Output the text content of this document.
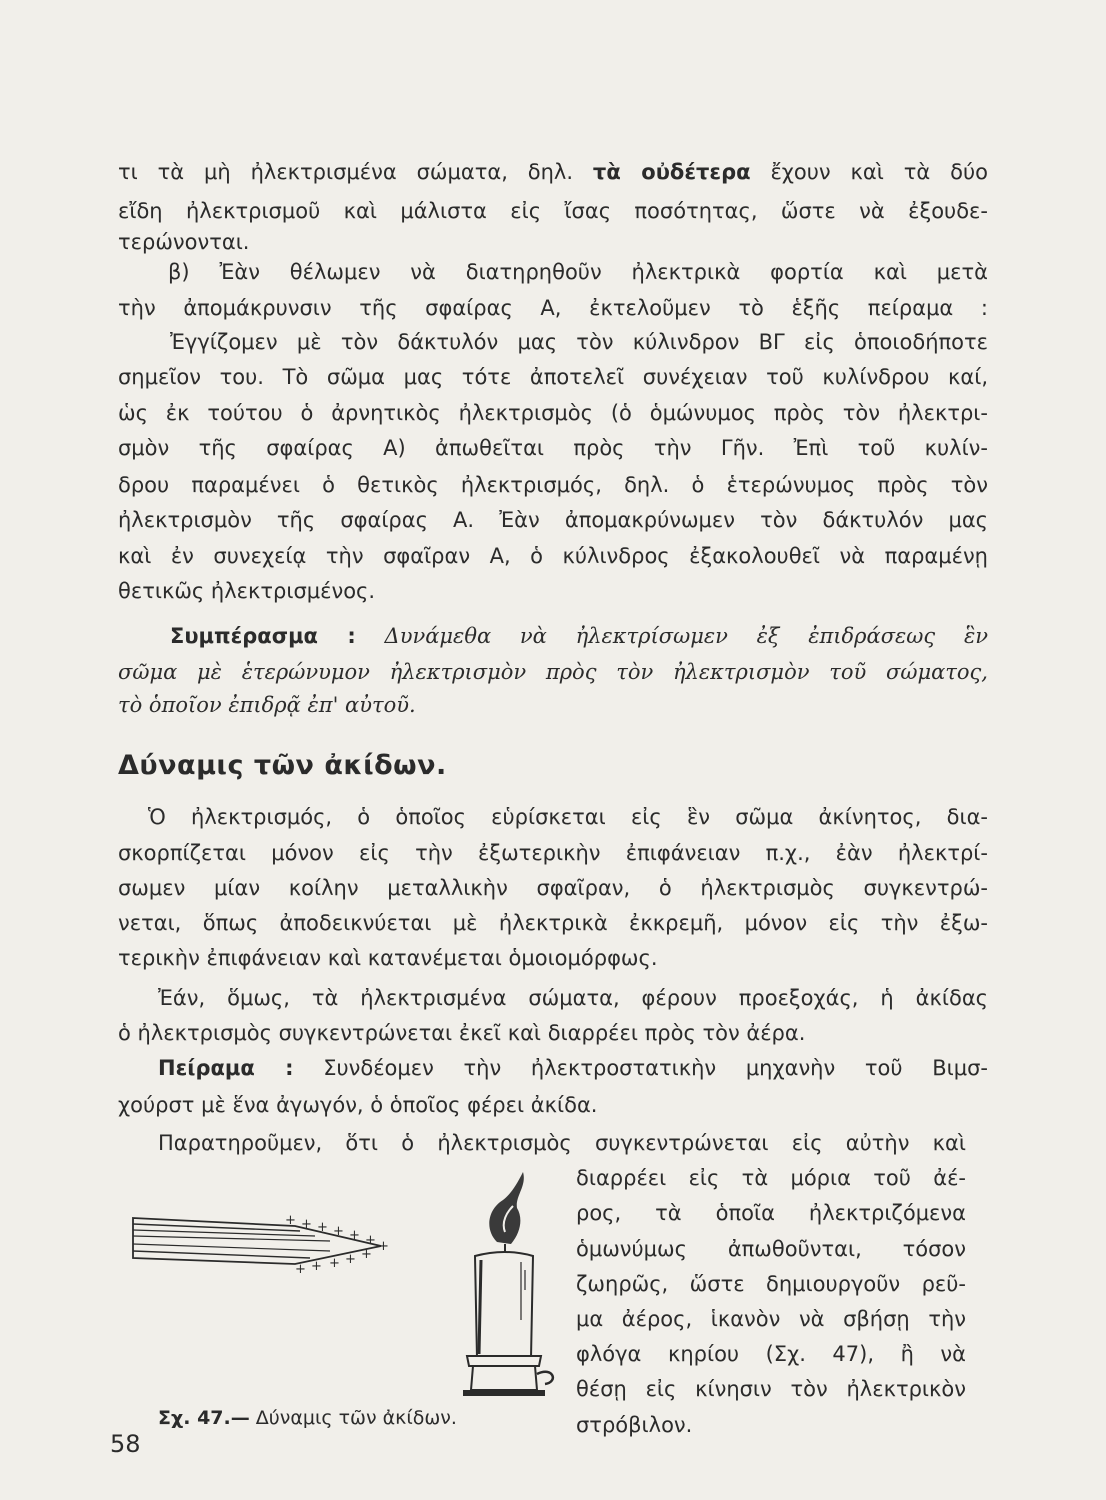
τι τὰ μὴ ἠλεκτρισμένα σώματα, δηλ. τὰ οὐδέτερα ἔχουν καὶ τὰ δύο
εἴδη ἠλεκτρισμοῦ καὶ μάλιστα εἰς ἴσας ποσότητας, ὥστε νὰ ἐξουδε-
τερώνονται.
β) Ἐὰν θέλωμεν νὰ διατηρηθοῦν ἠλεκτρικὰ φορτία καὶ μετὰ
τὴν ἀπομάκρυνσιν τῆς σφαίρας Α, ἐκτελοῦμεν τὸ ἑξῆς πείραμα :
Ἐγγίζομεν μὲ τὸν δάκτυλόν μας τὸν κύλινδρον ΒΓ εἰς ὁποιοδήποτε
σημεῖον του. Τὸ σῶμα μας τότε ἀποτελεῖ συνέχειαν τοῦ κυλίνδρου καί,
ὡς ἐκ τούτου ὁ ἀρνητικὸς ἠλεκτρισμὸς (ὁ ὁμώνυμος πρὸς τὸν ἠλεκτρι-
σμὸν τῆς σφαίρας Α) ἀπωθεῖται πρὸς τὴν Γῆν. Ἐπὶ τοῦ κυλίν-
δρου παραμένει ὁ θετικὸς ἠλεκτρισμός, δηλ. ὁ ἑτερώνυμος πρὸς τὸν
ἠλεκτρισμὸν τῆς σφαίρας Α. Ἐὰν ἀπομακρύνωμεν τὸν δάκτυλόν μας
καὶ ἐν συνεχείᾳ τὴν σφαῖραν Α, ὁ κύλινδρος ἐξακολουθεῖ νὰ παραμένῃ
θετικῶς ἠλεκτρισμένος.
Συμπέρασμα : Δυνάμεθα νὰ ἠλεκτρίσωμεν ἐξ ἐπιδράσεως ἓν
σῶμα μὲ ἑτερώνυμον ἠλεκτρισμὸν πρὸς τὸν ἠλεκτρισμὸν τοῦ σώματος,
τὸ ὁποῖον ἐπιδρᾷ ἐπ' αὐτοῦ.
Δύναμις τῶν ἀκίδων.
Ὁ ἠλεκτρισμός, ὁ ὁποῖος εὑρίσκεται εἰς ἓν σῶμα ἀκίνητος, δια-
σκορπίζεται μόνον εἰς τὴν ἐξωτερικὴν ἐπιφάνειαν π.χ., ἐὰν ἠλεκτρί-
σωμεν μίαν κοίλην μεταλλικὴν σφαῖραν, ὁ ἠλεκτρισμὸς συγκεντρώ-
νεται, ὅπως ἀποδεικνύεται μὲ ἠλεκτρικὰ ἐκκρεμῆ, μόνον εἰς τὴν ἐξω-
τερικὴν ἐπιφάνειαν καὶ κατανέμεται ὁμοιομόρφως.
Ἐάν, ὅμως, τὰ ἠλεκτρισμένα σώματα, φέρουν προεξοχάς, ἡ ἀκίδας
ὁ ἠλεκτρισμὸς συγκεντρώνεται ἐκεῖ καὶ διαρρέει πρὸς τὸν ἀέρα.
Πείραμα : Συνδέομεν τὴν ἠλεκτροστατικὴν μηχανὴν τοῦ Βιμσ-
χούρστ μὲ ἕνα ἀγωγόν, ὁ ὁποῖος φέρει ἀκίδα.
Παρατηροῦμεν, ὅτι ὁ ἠλεκτρισμὸς συγκεντρώνεται εἰς αὐτὴν καὶ
διαρρέει εἰς τὰ μόρια τοῦ ἀέ-
ρος, τὰ ὁποῖα ἠλεκτριζόμενα
ὁμωνύμως ἀπωθοῦνται, τόσον
ζωηρῶς, ὥστε δημιουργοῦν ρεῦ-
μα ἀέρος, ἱκανὸν νὰ σβήσῃ τὴν
φλόγα κηρίου (Σχ. 47), ἢ νὰ
θέσῃ εἰς κίνησιν τὸν ἠλεκτρικὸν
στρόβιλον.
+ + + + + + +
+
+
+
+
+
Σχ. 47.— Δύναμις τῶν ἀκίδων.
58
